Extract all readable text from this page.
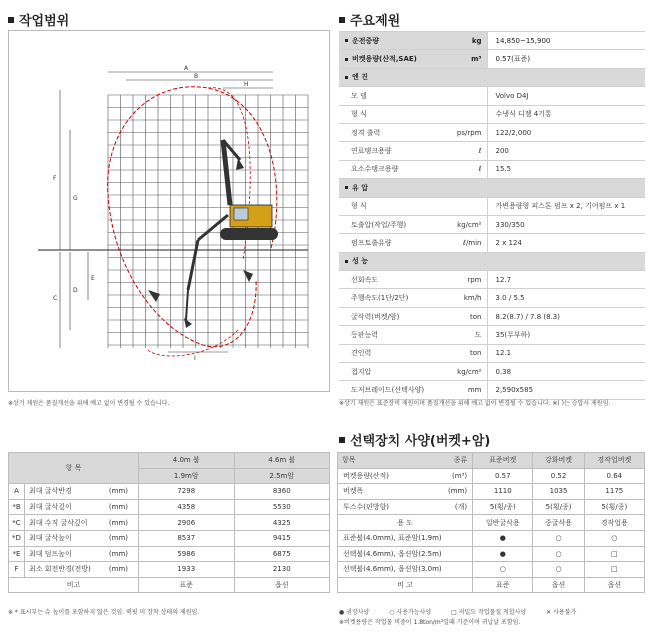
작업범위	주요제원
A
B
H
F
G
C
D
E
I
※상기 제원은 품질개선을 위해 예고 없이 변경될 수 있습니다.
운전중량	kg	14,850~15,900
버켓용량(산적,SAE)	m³	0.57(표준)
엔 진		
모 델		Volvo D4J
형 식		수냉식 디젤 4기통
정격 출력	ps/rpm	122/2,000
연료탱크용량	ℓ	200
요소수탱크용량	ℓ	15.5
유 압		
형 식		가변용량형 피스톤 펌프 x 2, 기어펌프 x 1
토출압(작업/주행)	kg/cm²	330/350
펌프토출유량	ℓ/min	2 x 124
성 능		
선회속도	rpm	12.7
주행속도(1단/2단)	km/h	3.0 / 5.5
굴삭력(버켓/암)	ton	8.2(8.7) / 7.8 (8.3)
등판능력	도	35(무부하)
견인력	ton	12.1
접지압	kg/cm²	0.38
도저브레이드(선택사양)	mm	2,590x585
※상기 제원은 표준장비 제원이며 품질개선을 위해 예고 없이 변경될 수 있습니다. ※( )는 승압시 제원임.
선택장치 사양(버켓+암)
항 목			4.0m 붐	4.6m 붐
			1.9m암	2.5m암
A	최대 굴삭반경	(mm)	7298	8360
*B	최대 굴삭깊이	(mm)	4358	5530
*C	최대 수직 굴삭깊이	(mm)	2906	4325
*D	최대 굴삭높이	(mm)	8537	9415
*E	최대 덤프높이	(mm)	5986	6875
F	최소 회전반경(전방)	(mm)	1933	2130
비고			표준	옵션
※ * 표시부는 슈 높이를 포함하지 않은 것임. 퀵핏 미 장착 상태의 제원임.
항목 종류		표준버켓	강화버켓	경작업버켓
버켓용량(산적)	(m³)	0.57	0.52	0.64
버켓폭	(mm)	1110	1035	1175
투스수(핀방향)	(개)	5(횡/종)	5(횡/종)	5(횡/종)
용 도		일반굴삭용	중굴삭용	경작업용
표준붐(4.0mm), 표준암(1.9m)		●	○	○
선택붐(4.6mm), 옵션암(2.5m)		●	○	□
선택붐(4.6mm), 옵션암(3.0m)		○	○	□
비 고		표준	옵션	옵션
● 권장사양	○ 사용가능사양	□ 저밀도 작업물질 적합사양	✕ 사용불가
※버켓용량은 작업물 비중이 1.8ton/m³일때 기준이며 귀납날 포함임.
